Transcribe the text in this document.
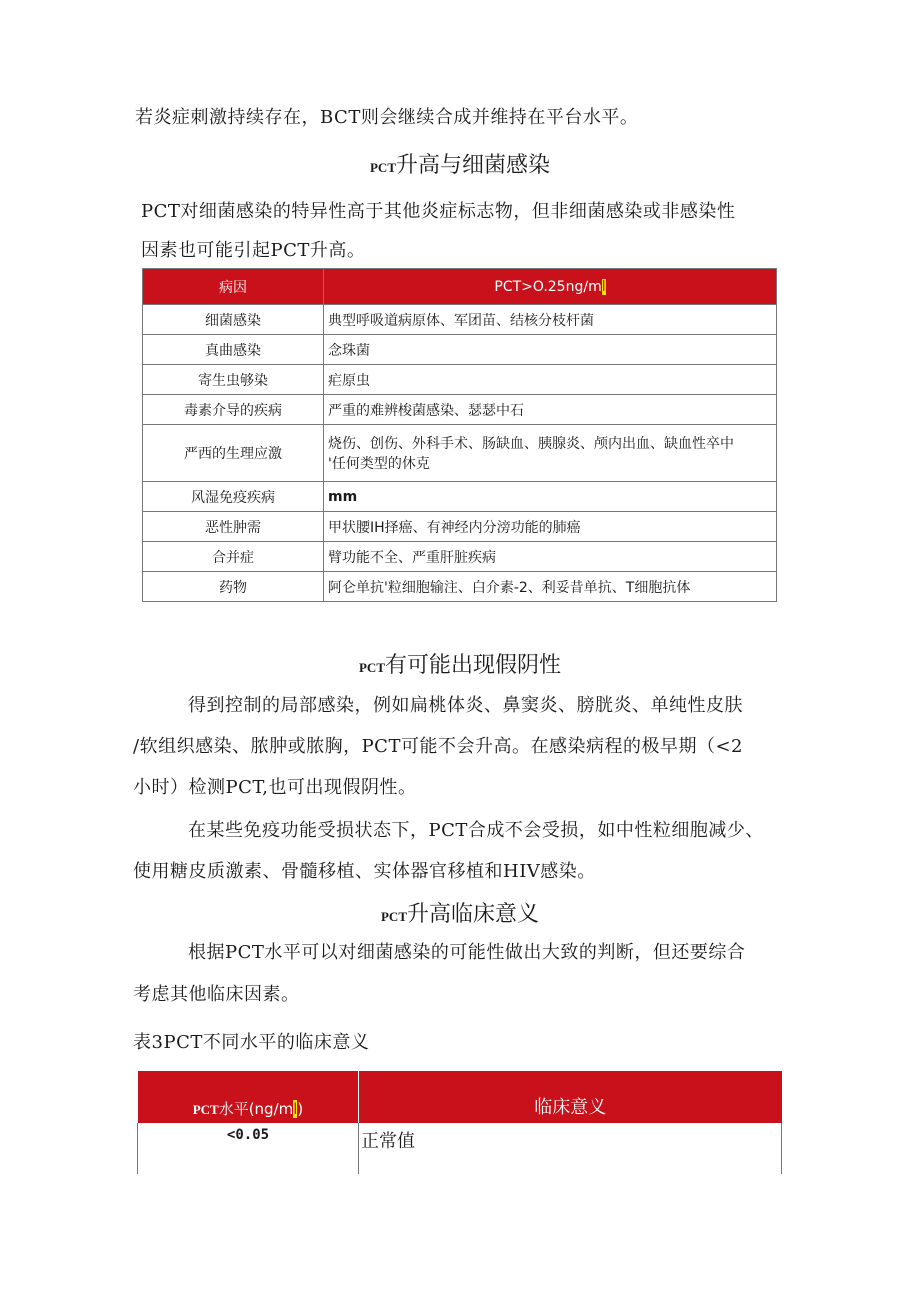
若炎症刺激持续存在，BCT则会继续合成并维持在平台水平。
PCT升高与细菌感染
PCT对细菌感染的特异性高于其他炎症标志物，但非细菌感染或非感染性
因素也可能引起PCT升高。
病因	PCT>O.25ng∕ml
细菌感染	典型呼吸道病原体、军团苗、结核分枝杆菌
真曲感染	念珠菌
寄生虫够染	疟原虫
毒素介导的疾病	严重的难辨梭菌感染、瑟瑟中石
严西的生理应激	烧伤、创伤、外科手术、肠缺血、胰腺炎、颅内出血、缺血性卒中
'任何类型的休克

风湿免疫疾病	mm
恶性肿需	甲状腰IH择癌、有神经内分滂功能的肺癌
合并症	臂功能不全、严重肝脏疾病
药物	阿仑单抗'粒细胞输注、白介素-2、利妥昔单抗、T细胞抗体
PCT有可能出现假阴性
得到控制的局部感染，例如扁桃体炎、鼻窦炎、膀胱炎、单纯性皮肤
/软组织感染、脓肿或脓胸，PCT可能不会升高。在感染病程的极早期（<2
小时）检测PCT,也可出现假阴性。
在某些免疫功能受损状态下，PCT合成不会受损，如中性粒细胞减少、
使用糖皮质激素、骨髓移植、实体器官移植和HIV感染。
PCT升高临床意义
根据PCT水平可以对细菌感染的可能性做出大致的判断，但还要综合
考虑其他临床因素。
表3PCT不同水平的临床意义
PCT水平(ng∕ml)	临床意义
<0.05	正常值
